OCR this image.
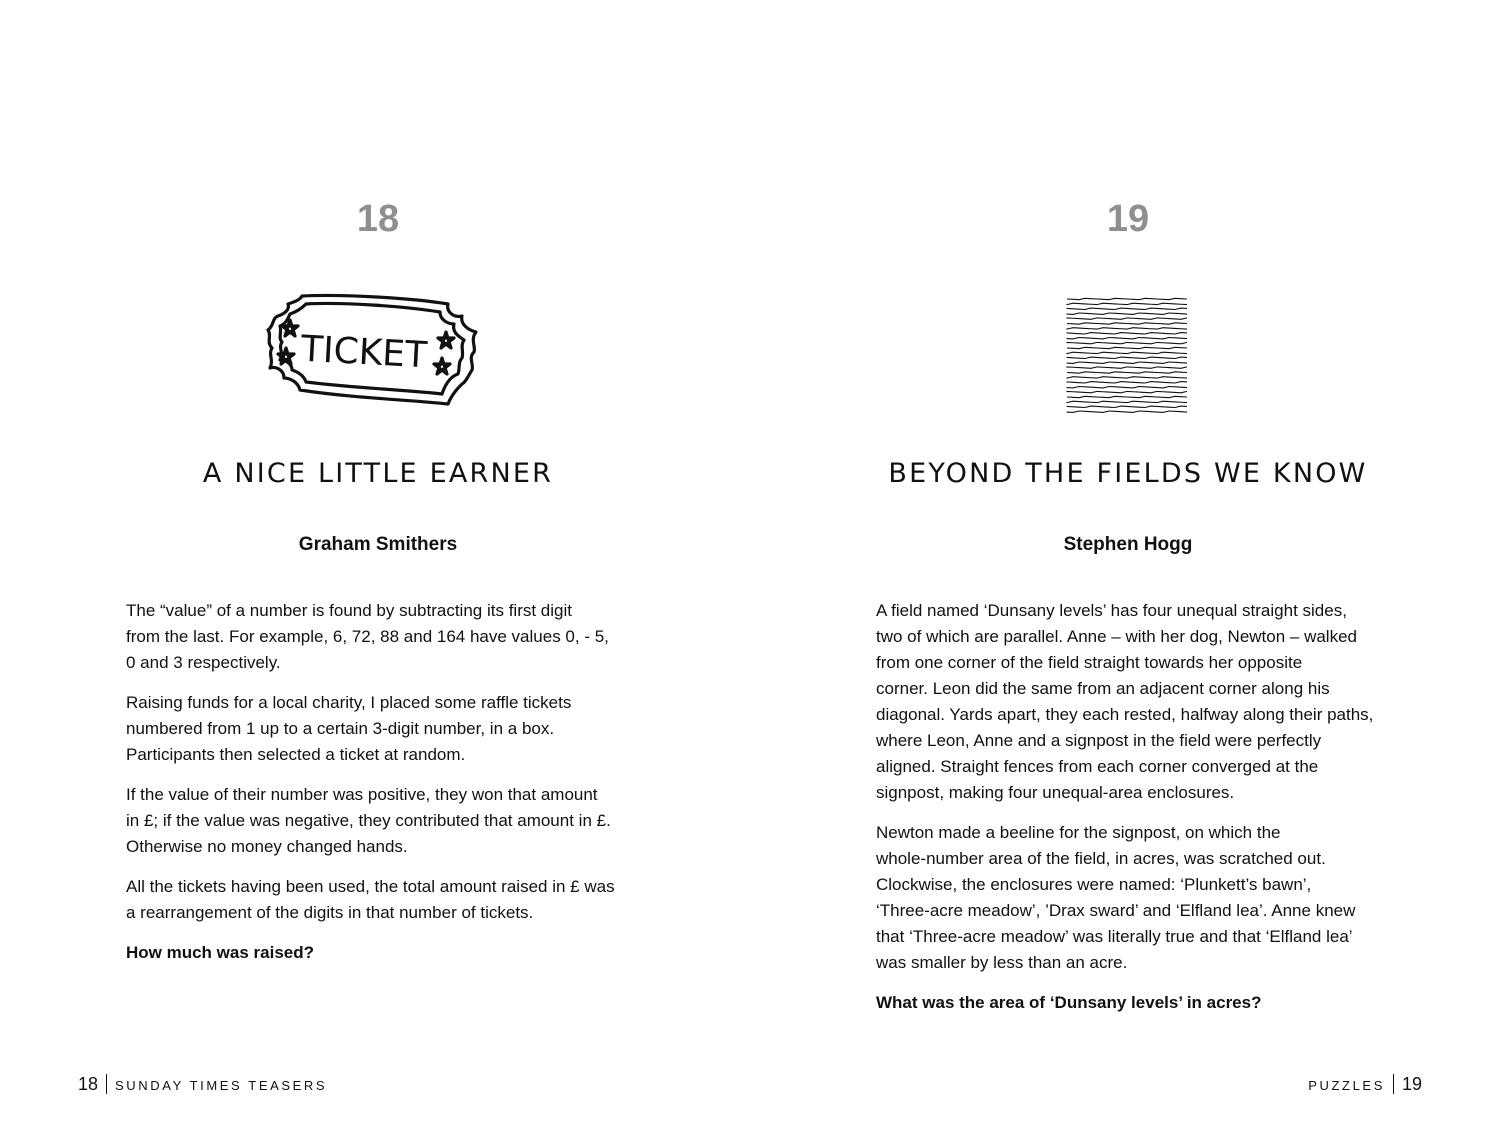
18
TICKET
A NICE LITTLE EARNER
Graham Smithers

The “value” of a number is found by subtracting its first digit
from the last. For example, 6, 72, 88 and 164 have values 0, - 5,
0 and 3 respectively.

Raising funds for a local charity, I placed some raffle tickets
numbered from 1 up to a certain 3-digit number, in a box.
Participants then selected a ticket at random.

If the value of their number was positive, they won that amount
in £; if the value was negative, they contributed that amount in £.
Otherwise no money changed hands.

All the tickets having been used, the total amount raised in £ was
a rearrangement of the digits in that number of tickets.

How much was raised?

18 SUNDAY TIMES TEASERS
19
BEYOND THE FIELDS WE KNOW
Stephen Hogg

A field named ‘Dunsany levels’ has four unequal straight sides,
two of which are parallel. Anne – with her dog, Newton – walked
from one corner of the field straight towards her opposite
corner. Leon did the same from an adjacent corner along his
diagonal. Yards apart, they each rested, halfway along their paths,
where Leon, Anne and a signpost in the field were perfectly
aligned. Straight fences from each corner converged at the
signpost, making four unequal-area enclosures.

Newton made a beeline for the signpost, on which the
whole-number area of the field, in acres, was scratched out.
Clockwise, the enclosures were named: ‘Plunkett’s bawn’,
‘Three-acre meadow’, ’Drax sward’ and ‘Elfland lea’. Anne knew
that ‘Three-acre meadow’ was literally true and that ‘Elfland lea’
was smaller by less than an acre.

What was the area of ‘Dunsany levels’ in acres?

PUZZLES 19
